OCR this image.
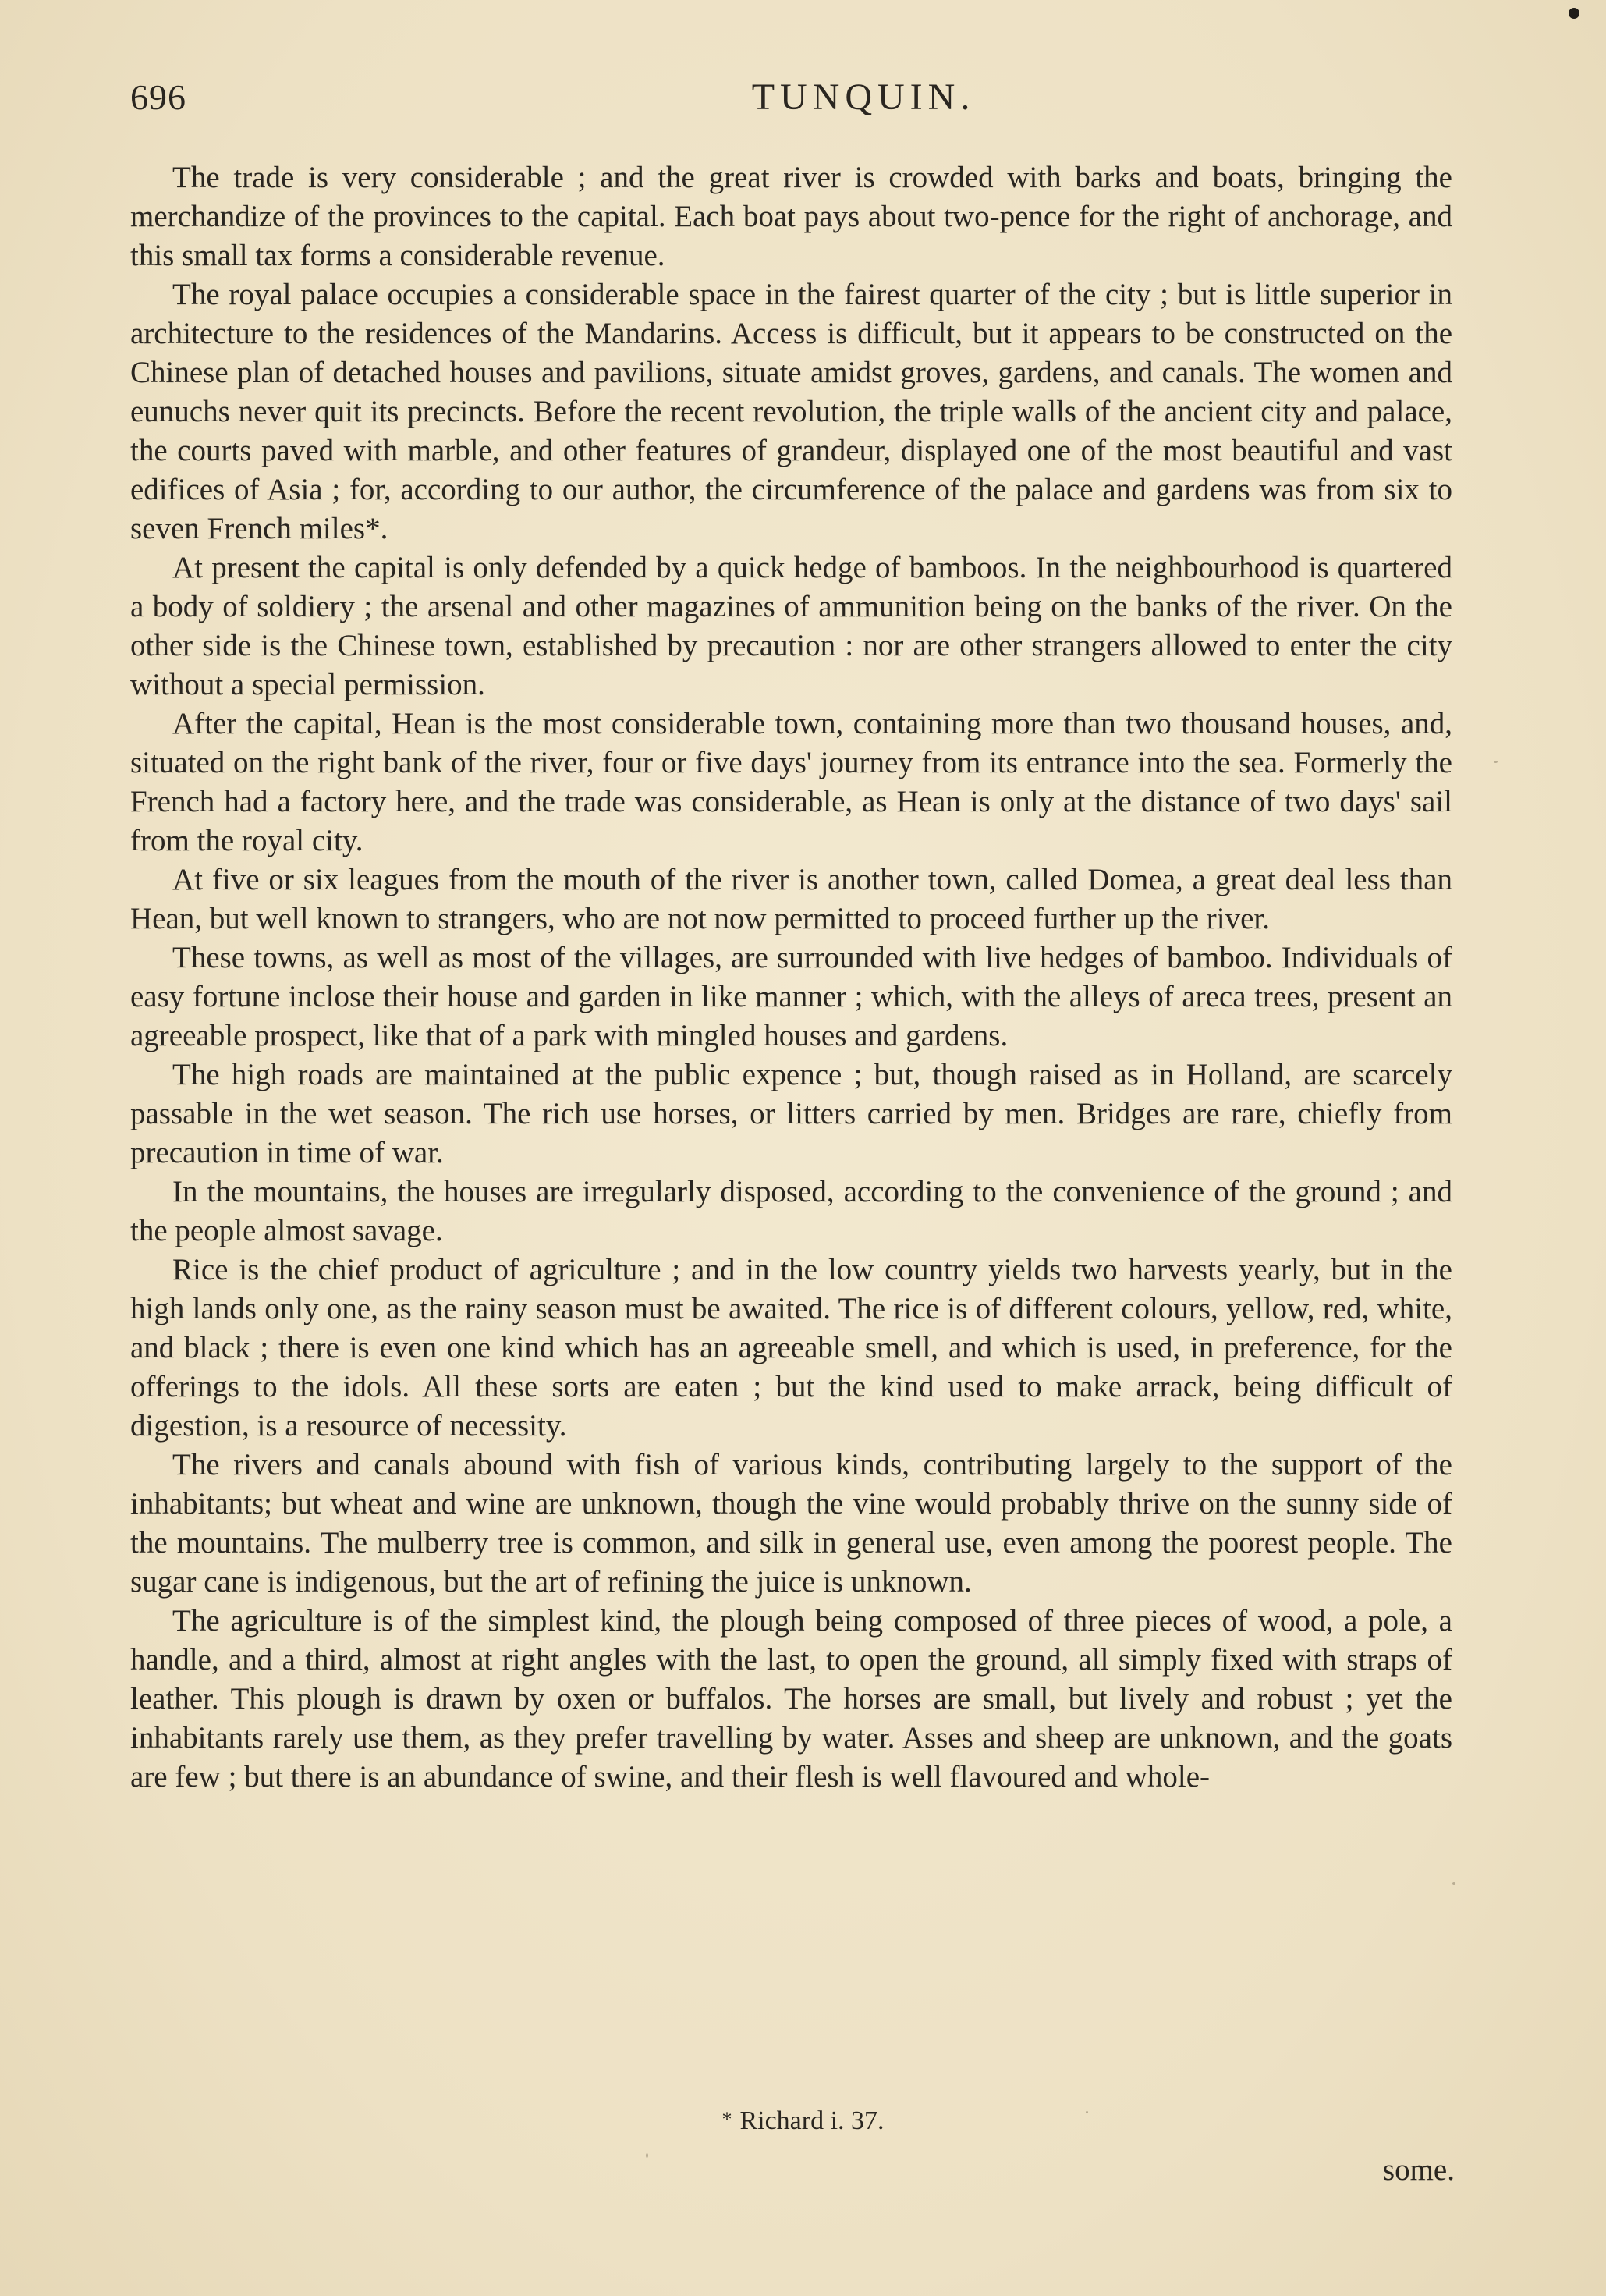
696	TUNQUIN.

The trade is very considerable ; and the great river is crowded with barks and boats, bringing the merchandize of the provinces to the capital. Each boat pays about two-pence for the right of anchorage, and this small tax forms a considerable revenue.

The royal palace occupies a considerable space in the fairest quarter of the city ; but is little superior in architecture to the residences of the Mandarins. Access is difficult, but it appears to be constructed on the Chinese plan of detached houses and pavilions, situate amidst groves, gardens, and canals. The women and eunuchs never quit its precincts. Before the recent revolution, the triple walls of the ancient city and palace, the courts paved with marble, and other features of grandeur, displayed one of the most beautiful and vast edifices of Asia ; for, according to our author, the circumference of the palace and gardens was from six to seven French miles*.

At present the capital is only defended by a quick hedge of bamboos. In the neighbourhood is quartered a body of soldiery ; the arsenal and other magazines of ammunition being on the banks of the river. On the other side is the Chinese town, established by precaution : nor are other strangers allowed to enter the city without a special permission.

After the capital, Hean is the most considerable town, containing more than two thousand houses, and, situated on the right bank of the river, four or five days' journey from its entrance into the sea. Formerly the French had a factory here, and the trade was considerable, as Hean is only at the distance of two days' sail from the royal city.

At five or six leagues from the mouth of the river is another town, called Domea, a great deal less than Hean, but well known to strangers, who are not now permitted to proceed further up the river.

These towns, as well as most of the villages, are surrounded with live hedges of bamboo. Individuals of easy fortune inclose their house and garden in like manner ; which, with the alleys of areca trees, present an agreeable prospect, like that of a park with mingled houses and gardens.

The high roads are maintained at the public expence ; but, though raised as in Holland, are scarcely passable in the wet season. The rich use horses, or litters carried by men. Bridges are rare, chiefly from precaution in time of war.

In the mountains, the houses are irregularly disposed, according to the convenience of the ground ; and the people almost savage.

Rice is the chief product of agriculture ; and in the low country yields two harvests yearly, but in the high lands only one, as the rainy season must be awaited. The rice is of different colours, yellow, red, white, and black ; there is even one kind which has an agreeable smell, and which is used, in preference, for the offerings to the idols. All these sorts are eaten ; but the kind used to make arrack, being difficult of digestion, is a resource of necessity.

The rivers and canals abound with fish of various kinds, contributing largely to the support of the inhabitants; but wheat and wine are unknown, though the vine would probably thrive on the sunny side of the mountains. The mulberry tree is common, and silk in general use, even among the poorest people. The sugar cane is indigenous, but the art of refining the juice is unknown.

The agriculture is of the simplest kind, the plough being composed of three pieces of wood, a pole, a handle, and a third, almost at right angles with the last, to open the ground, all simply fixed with straps of leather. This plough is drawn by oxen or buffalos. The horses are small, but lively and robust ; yet the inhabitants rarely use them, as they prefer travelling by water. Asses and sheep are unknown, and the goats are few ; but there is an abundance of swine, and their flesh is well flavoured and whole-

* Richard i. 37.
some.
